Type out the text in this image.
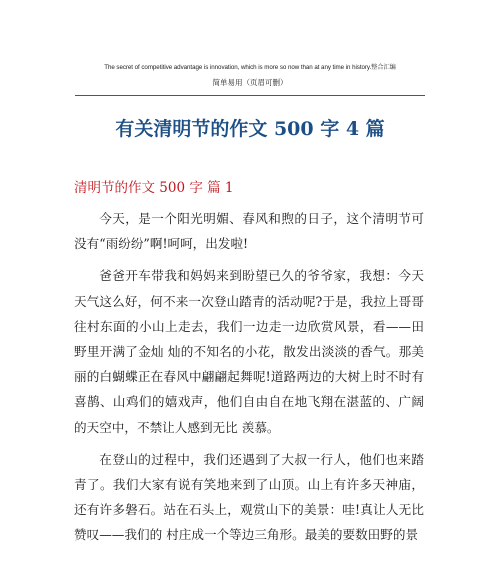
The secret of competitive advantage is innovation, which is more so now than at any time in history.整合汇编
简单易用（页眉可删）
有关清明节的作文 500 字 4 篇
清明节的作文 500 字 篇 1

今天，是一个阳光明媚、春风和煦的日子，这个清明节可没有“雨纷纷”啊!呵呵，出发啦!

爸爸开车带我和妈妈来到盼望已久的爷爷家，我想：今天天气这么好，何不来一次登山踏青的活动呢?于是，我拉上哥哥往村东面的小山上走去，我们一边走一边欣赏风景，看——田野里开满了金灿 灿的不知名的小花，散发出淡淡的香气。那美丽的白蝴蝶正在春风中翩翩起舞呢!道路两边的大树上时不时有喜鹊、山鸡们的嬉戏声，他们自由自在地飞翔在湛蓝的、广阔的天空中，不禁让人感到无比 羡慕。

在登山的过程中，我们还遇到了大叔一行人，他们也来踏青了。我们大家有说有笑地来到了山顶。山上有许多天神庙，还有许多磐石。站在石头上，观赏山下的美景：哇!真让人无比赞叹——我们的 村庄成一个等边三角形。最美的要数田野的景
